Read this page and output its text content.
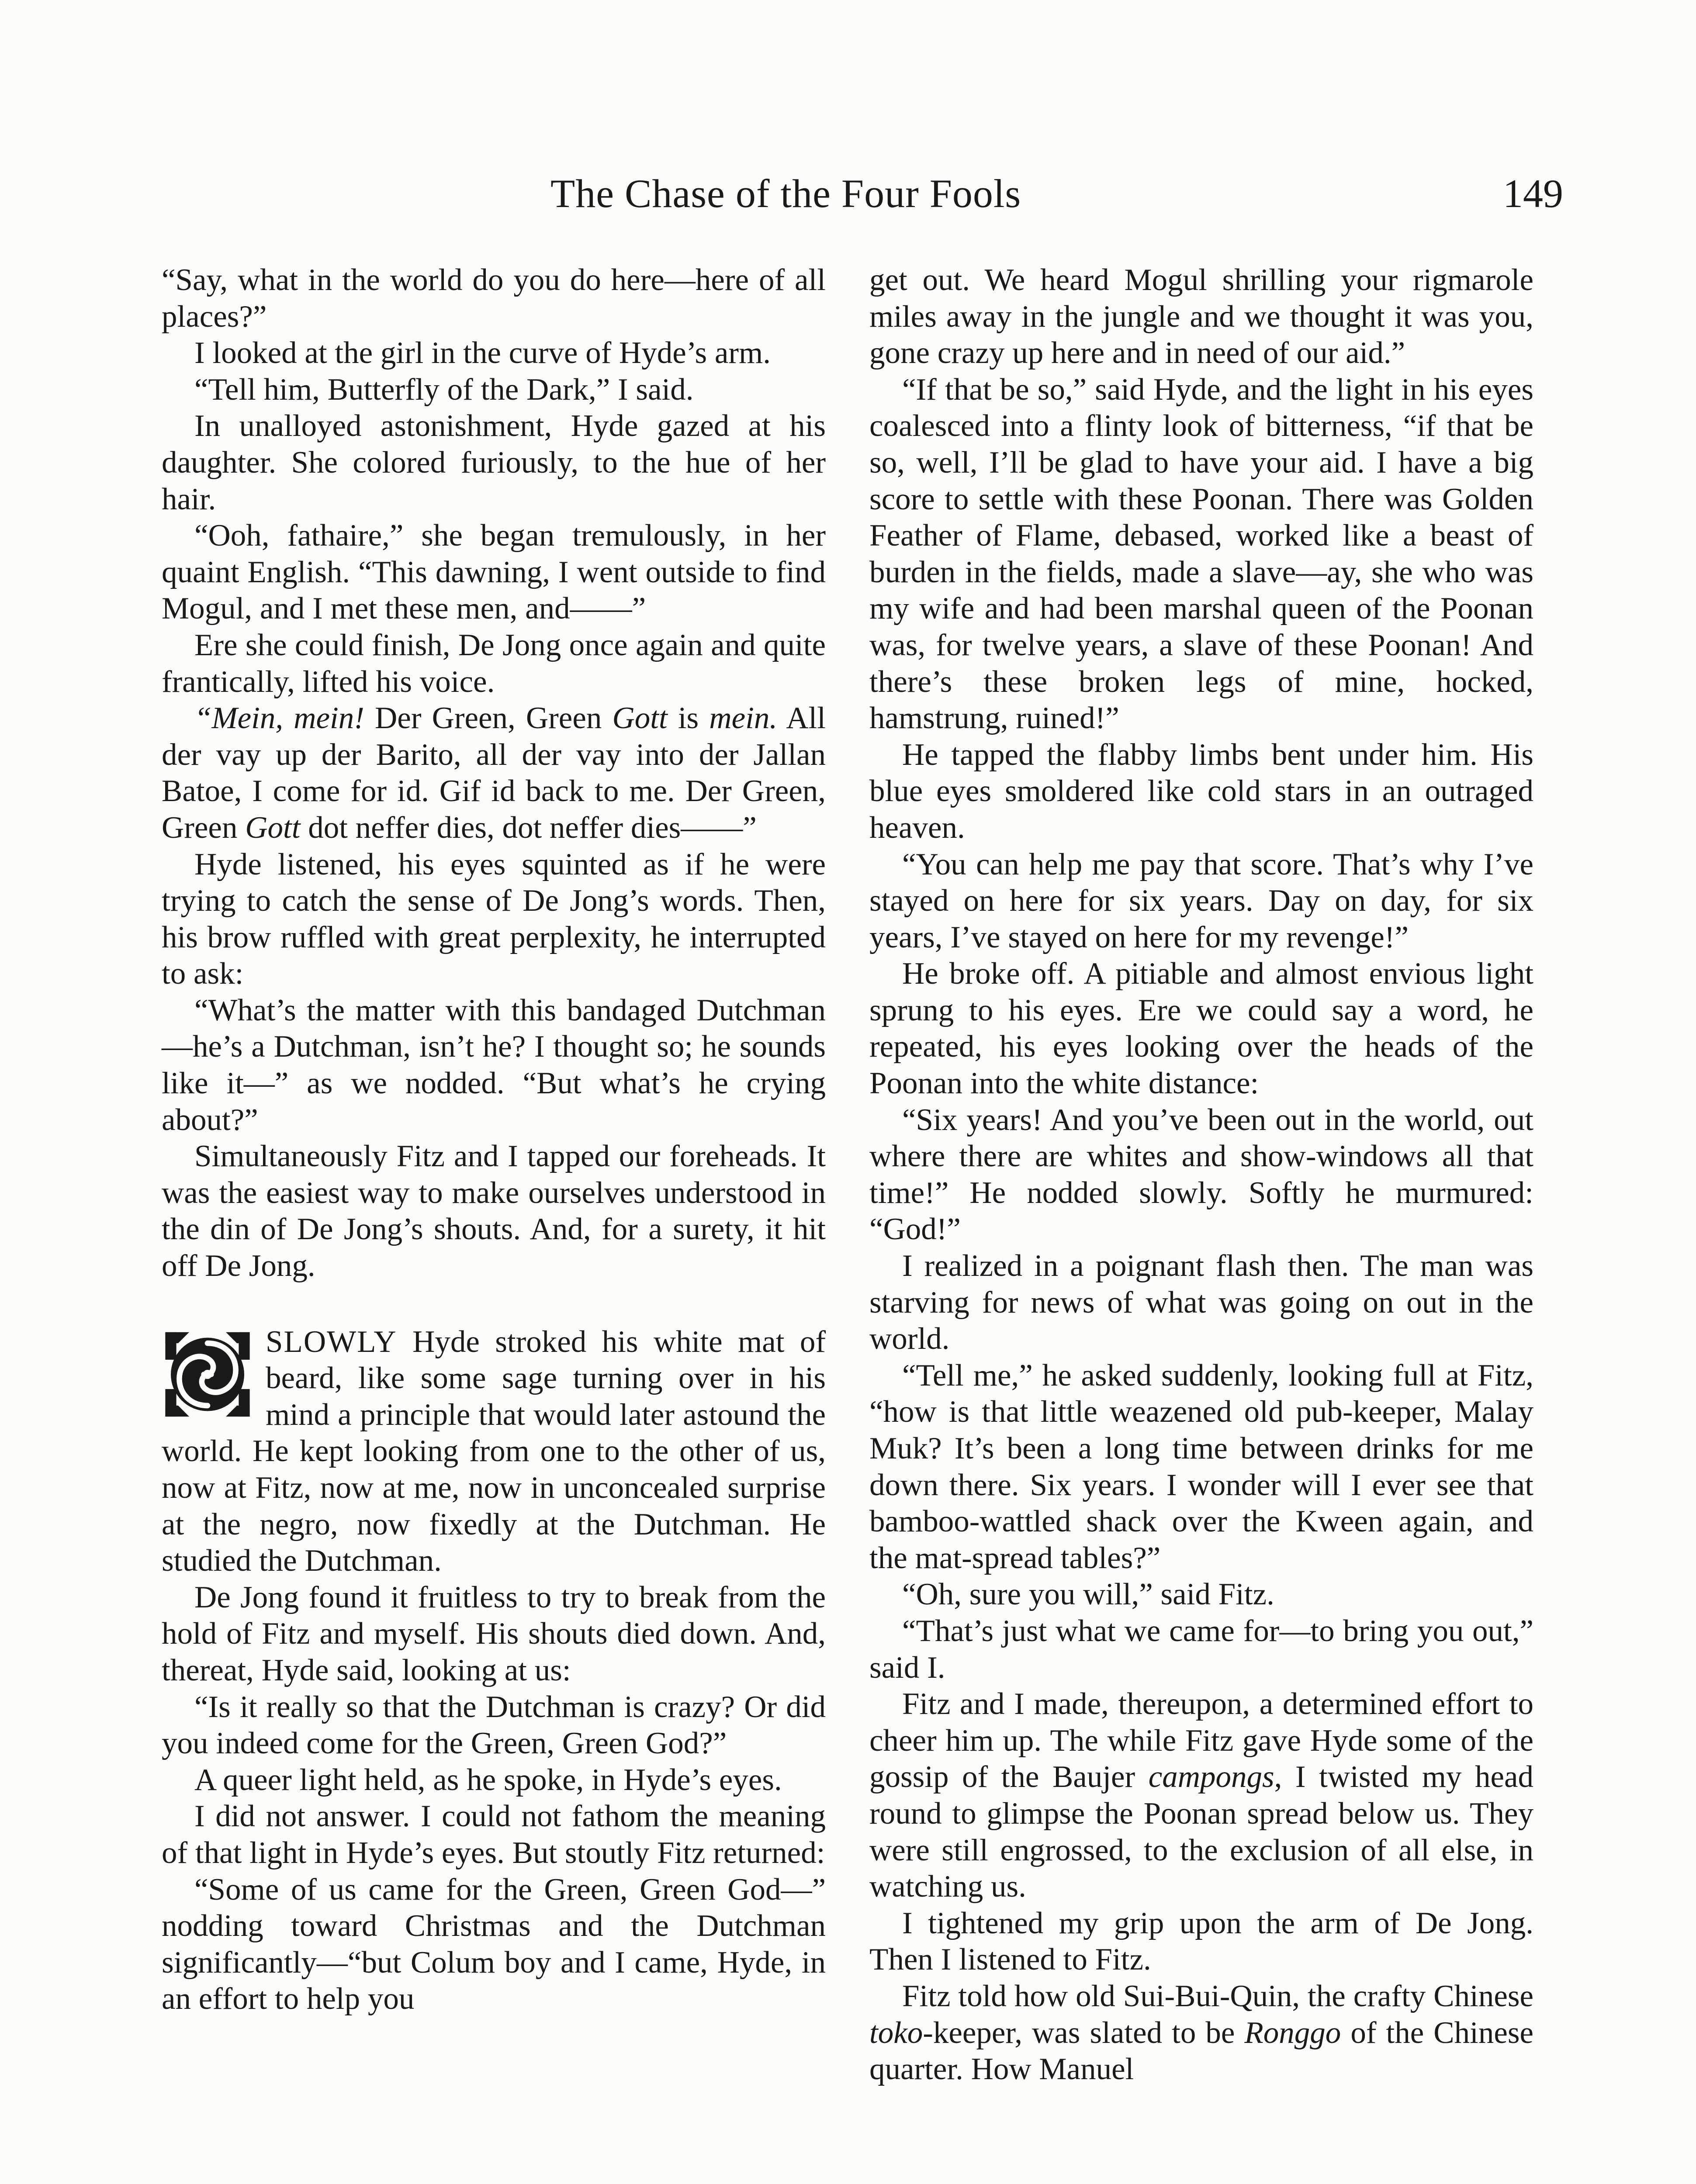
The Chase of the Four Fools	149

“Say, what in the world do you do here—here of all places?”

I looked at the girl in the curve of Hyde’s arm.

“Tell him, Butterfly of the Dark,” I said.

In unalloyed astonishment, Hyde gazed at his daughter. She colored furiously, to the hue of her hair.

“Ooh, fathaire,” she began tremulously, in her quaint English. “This dawning, I went outside to find Mogul, and I met these men, and——”

Ere she could finish, De Jong once again and quite frantically, lifted his voice.

“Mein, mein! Der Green, Green Gott is mein. All der vay up der Barito, all der vay into der Jallan Batoe, I come for id. Gif id back to me. Der Green, Green Gott dot neffer dies, dot neffer dies——”

Hyde listened, his eyes squinted as if he were trying to catch the sense of De Jong’s words. Then, his brow ruffled with great perplexity, he interrupted to ask:

“What’s the matter with this bandaged Dutchman—he’s a Dutchman, isn’t he? I thought so; he sounds like it—” as we nodded. “But what’s he crying about?”

Simultaneously Fitz and I tapped our foreheads. It was the easiest way to make ourselves understood in the din of De Jong’s shouts. And, for a surety, it hit off De Jong.

SLOWLY Hyde stroked his white mat of beard, like some sage turning over in his mind a principle that would later astound the world. He kept looking from one to the other of us, now at Fitz, now at me, now in unconcealed surprise at the negro, now fixedly at the Dutchman. He studied the Dutchman.

De Jong found it fruitless to try to break from the hold of Fitz and myself. His shouts died down. And, thereat, Hyde said, looking at us:

“Is it really so that the Dutchman is crazy? Or did you indeed come for the Green, Green God?”

A queer light held, as he spoke, in Hyde’s eyes.

I did not answer. I could not fathom the meaning of that light in Hyde’s eyes. But stoutly Fitz returned:

“Some of us came for the Green, Green God—” nodding toward Christmas and the Dutchman significantly—“but Colum boy and I came, Hyde, in an effort to help you

get out. We heard Mogul shrilling your rigmarole miles away in the jungle and we thought it was you, gone crazy up here and in need of our aid.”

“If that be so,” said Hyde, and the light in his eyes coalesced into a flinty look of bitterness, “if that be so, well, I’ll be glad to have your aid. I have a big score to settle with these Poonan. There was Golden Feather of Flame, debased, worked like a beast of burden in the fields, made a slave—ay, she who was my wife and had been marshal queen of the Poonan was, for twelve years, a slave of these Poonan! And there’s these broken legs of mine, hocked, hamstrung, ruined!”

He tapped the flabby limbs bent under him. His blue eyes smoldered like cold stars in an outraged heaven.

“You can help me pay that score. That’s why I’ve stayed on here for six years. Day on day, for six years, I’ve stayed on here for my revenge!”

He broke off. A pitiable and almost envious light sprung to his eyes. Ere we could say a word, he repeated, his eyes looking over the heads of the Poonan into the white distance:

“Six years! And you’ve been out in the world, out where there are whites and show-windows all that time!” He nodded slowly. Softly he murmured: “God!”

I realized in a poignant flash then. The man was starving for news of what was going on out in the world.

“Tell me,” he asked suddenly, looking full at Fitz, “how is that little weazened old pub-keeper, Malay Muk? It’s been a long time between drinks for me down there. Six years. I wonder will I ever see that bamboo-wattled shack over the Kween again, and the mat-spread tables?”

“Oh, sure you will,” said Fitz.

“That’s just what we came for—to bring you out,” said I.

Fitz and I made, thereupon, a determined effort to cheer him up. The while Fitz gave Hyde some of the gossip of the Baujer campongs, I twisted my head round to glimpse the Poonan spread below us. They were still engrossed, to the exclusion of all else, in watching us.

I tightened my grip upon the arm of De Jong. Then I listened to Fitz.

Fitz told how old Sui-Bui-Quin, the crafty Chinese toko-keeper, was slated to be Ronggo of the Chinese quarter. How Manuel
